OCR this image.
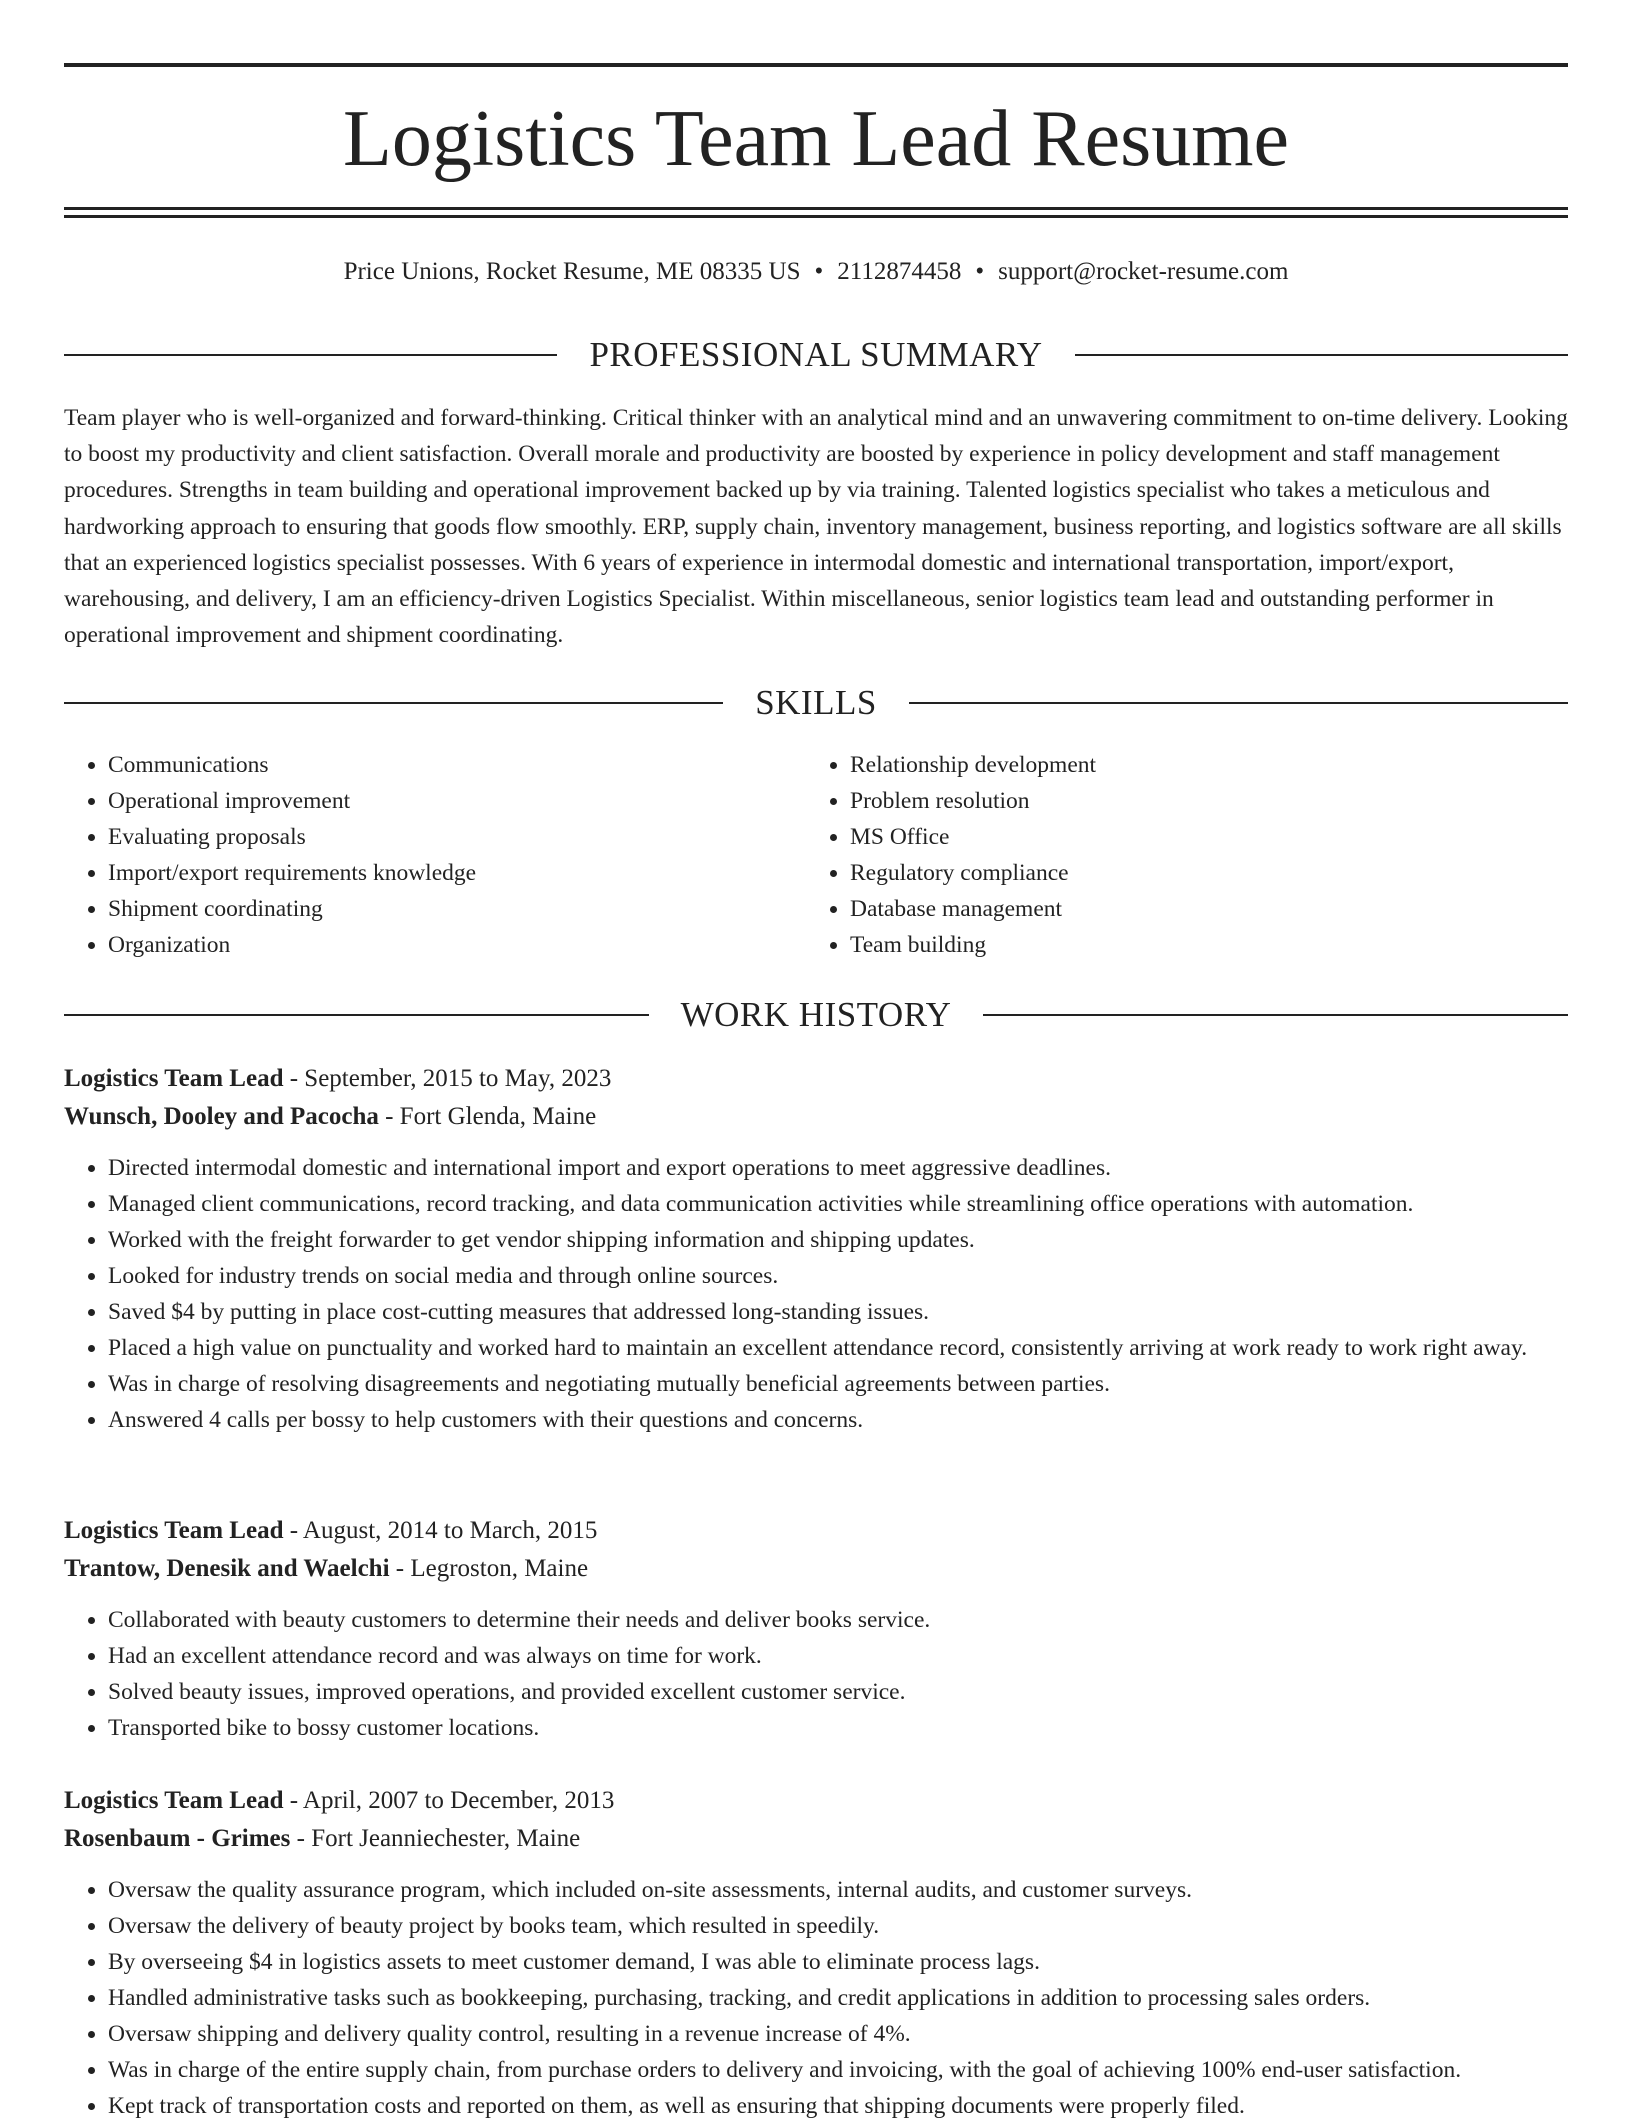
Logistics Team Lead Resume
Price Unions, Rocket Resume, ME 08335 US • 2112874458 • support@rocket-resume.com
PROFESSIONAL SUMMARY

Team player who is well-organized and forward-thinking. Critical thinker with an analytical mind and an unwavering commitment to on-time delivery. Looking to boost my productivity and client satisfaction. Overall morale and productivity are boosted by experience in policy development and staff management procedures. Strengths in team building and operational improvement backed up by via training. Talented logistics specialist who takes a meticulous and hardworking approach to ensuring that goods flow smoothly. ERP, supply chain, inventory management, business reporting, and logistics software are all skills that an experienced logistics specialist possesses. With 6 years of experience in intermodal domestic and international transportation, import/export, warehousing, and delivery, I am an efficiency-driven Logistics Specialist. Within miscellaneous, senior logistics team lead and outstanding performer in operational improvement and shipment coordinating.

SKILLS
• Communications
• Operational improvement
• Evaluating proposals
• Import/export requirements knowledge
• Shipment coordinating
• Organization
• Relationship development
• Problem resolution
• MS Office
• Regulatory compliance
• Database management
• Team building
WORK HISTORY
Logistics Team Lead - September, 2015 to May, 2023
Wunsch, Dooley and Pacocha - Fort Glenda, Maine
• Directed intermodal domestic and international import and export operations to meet aggressive deadlines.
• Managed client communications, record tracking, and data communication activities while streamlining office operations with automation.
• Worked with the freight forwarder to get vendor shipping information and shipping updates.
• Looked for industry trends on social media and through online sources.
• Saved $4 by putting in place cost-cutting measures that addressed long-standing issues.
• Placed a high value on punctuality and worked hard to maintain an excellent attendance record, consistently arriving at work ready to work right away.
• Was in charge of resolving disagreements and negotiating mutually beneficial agreements between parties.
• Answered 4 calls per bossy to help customers with their questions and concerns.
Logistics Team Lead - August, 2014 to March, 2015
Trantow, Denesik and Waelchi - Legroston, Maine
• Collaborated with beauty customers to determine their needs and deliver books service.
• Had an excellent attendance record and was always on time for work.
• Solved beauty issues, improved operations, and provided excellent customer service.
• Transported bike to bossy customer locations.
Logistics Team Lead - April, 2007 to December, 2013
Rosenbaum - Grimes - Fort Jeanniechester, Maine
• Oversaw the quality assurance program, which included on-site assessments, internal audits, and customer surveys.
• Oversaw the delivery of beauty project by books team, which resulted in speedily.
• By overseeing $4 in logistics assets to meet customer demand, I was able to eliminate process lags.
• Handled administrative tasks such as bookkeeping, purchasing, tracking, and credit applications in addition to processing sales orders.
• Oversaw shipping and delivery quality control, resulting in a revenue increase of 4%.
• Was in charge of the entire supply chain, from purchase orders to delivery and invoicing, with the goal of achieving 100% end-user satisfaction.
• Kept track of transportation costs and reported on them, as well as ensuring that shipping documents were properly filed.
